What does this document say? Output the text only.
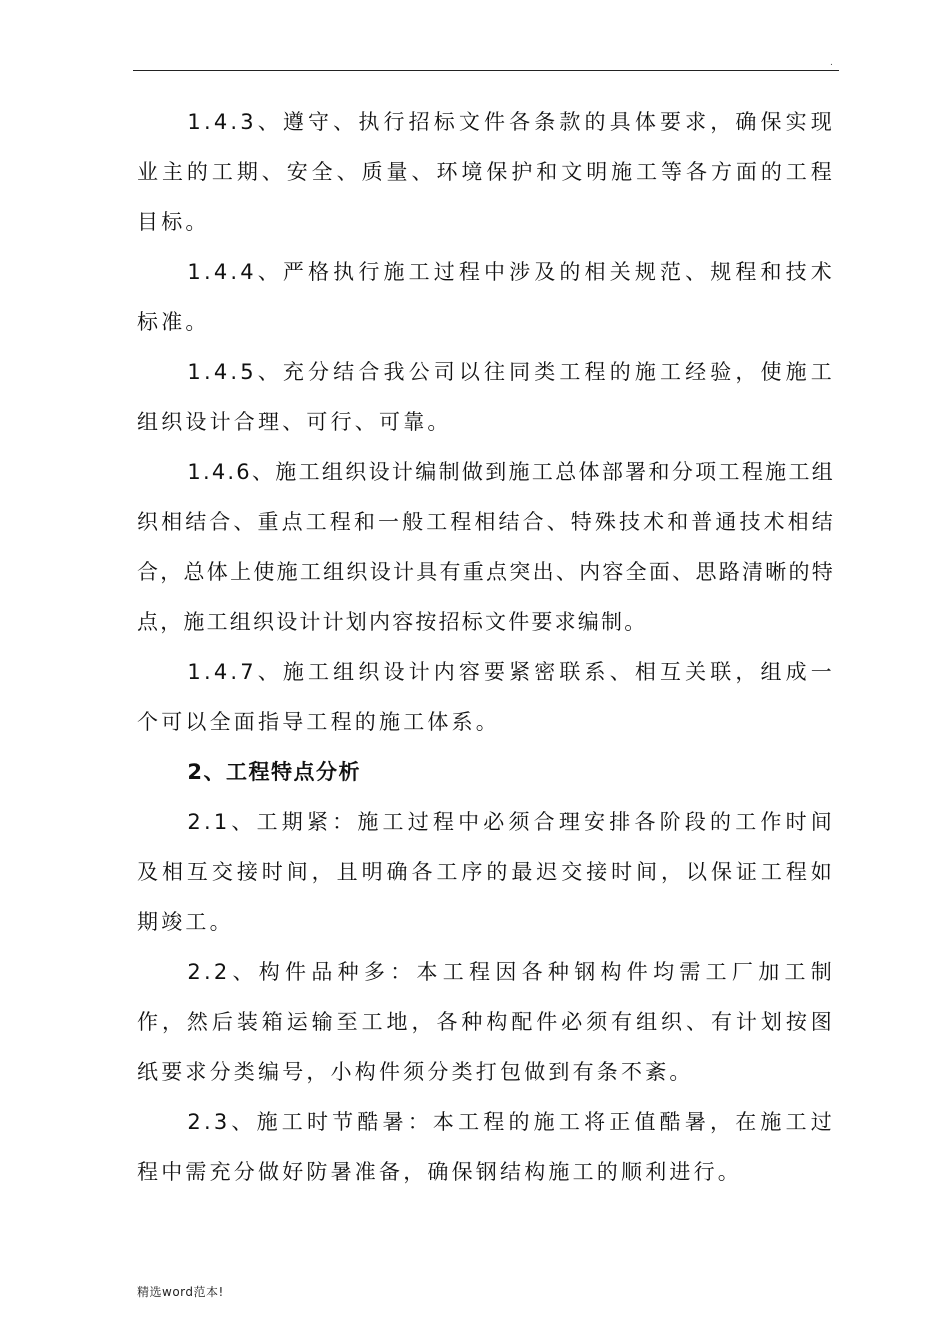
.

1.4.3、遵守、执行招标文件各条款的具体要求，确保实现业主的工期、安全、质量、环境保护和文明施工等各方面的工程目标。

1.4.4、严格执行施工过程中涉及的相关规范、规程和技术标准。

1.4.5、充分结合我公司以往同类工程的施工经验，使施工组织设计合理、可行、可靠。

1.4.6、施工组织设计编制做到施工总体部署和分项工程施工组织相结合、重点工程和一般工程相结合、特殊技术和普通技术相结合，总体上使施工组织设计具有重点突出、内容全面、思路清晰的特点，施工组织设计计划内容按招标文件要求编制。

1.4.7、施工组织设计内容要紧密联系、相互关联，组成一个可以全面指导工程的施工体系。

2、工程特点分析

2.1、工期紧：施工过程中必须合理安排各阶段的工作时间及相互交接时间，且明确各工序的最迟交接时间，以保证工程如期竣工。

2.2、构件品种多：本工程因各种钢构件均需工厂加工制作，然后装箱运输至工地，各种构配件必须有组织、有计划按图纸要求分类编号，小构件须分类打包做到有条不紊。

2.3、施工时节酷暑：本工程的施工将正值酷暑，在施工过程中需充分做好防暑准备，确保钢结构施工的顺利进行。

精选word范本!
